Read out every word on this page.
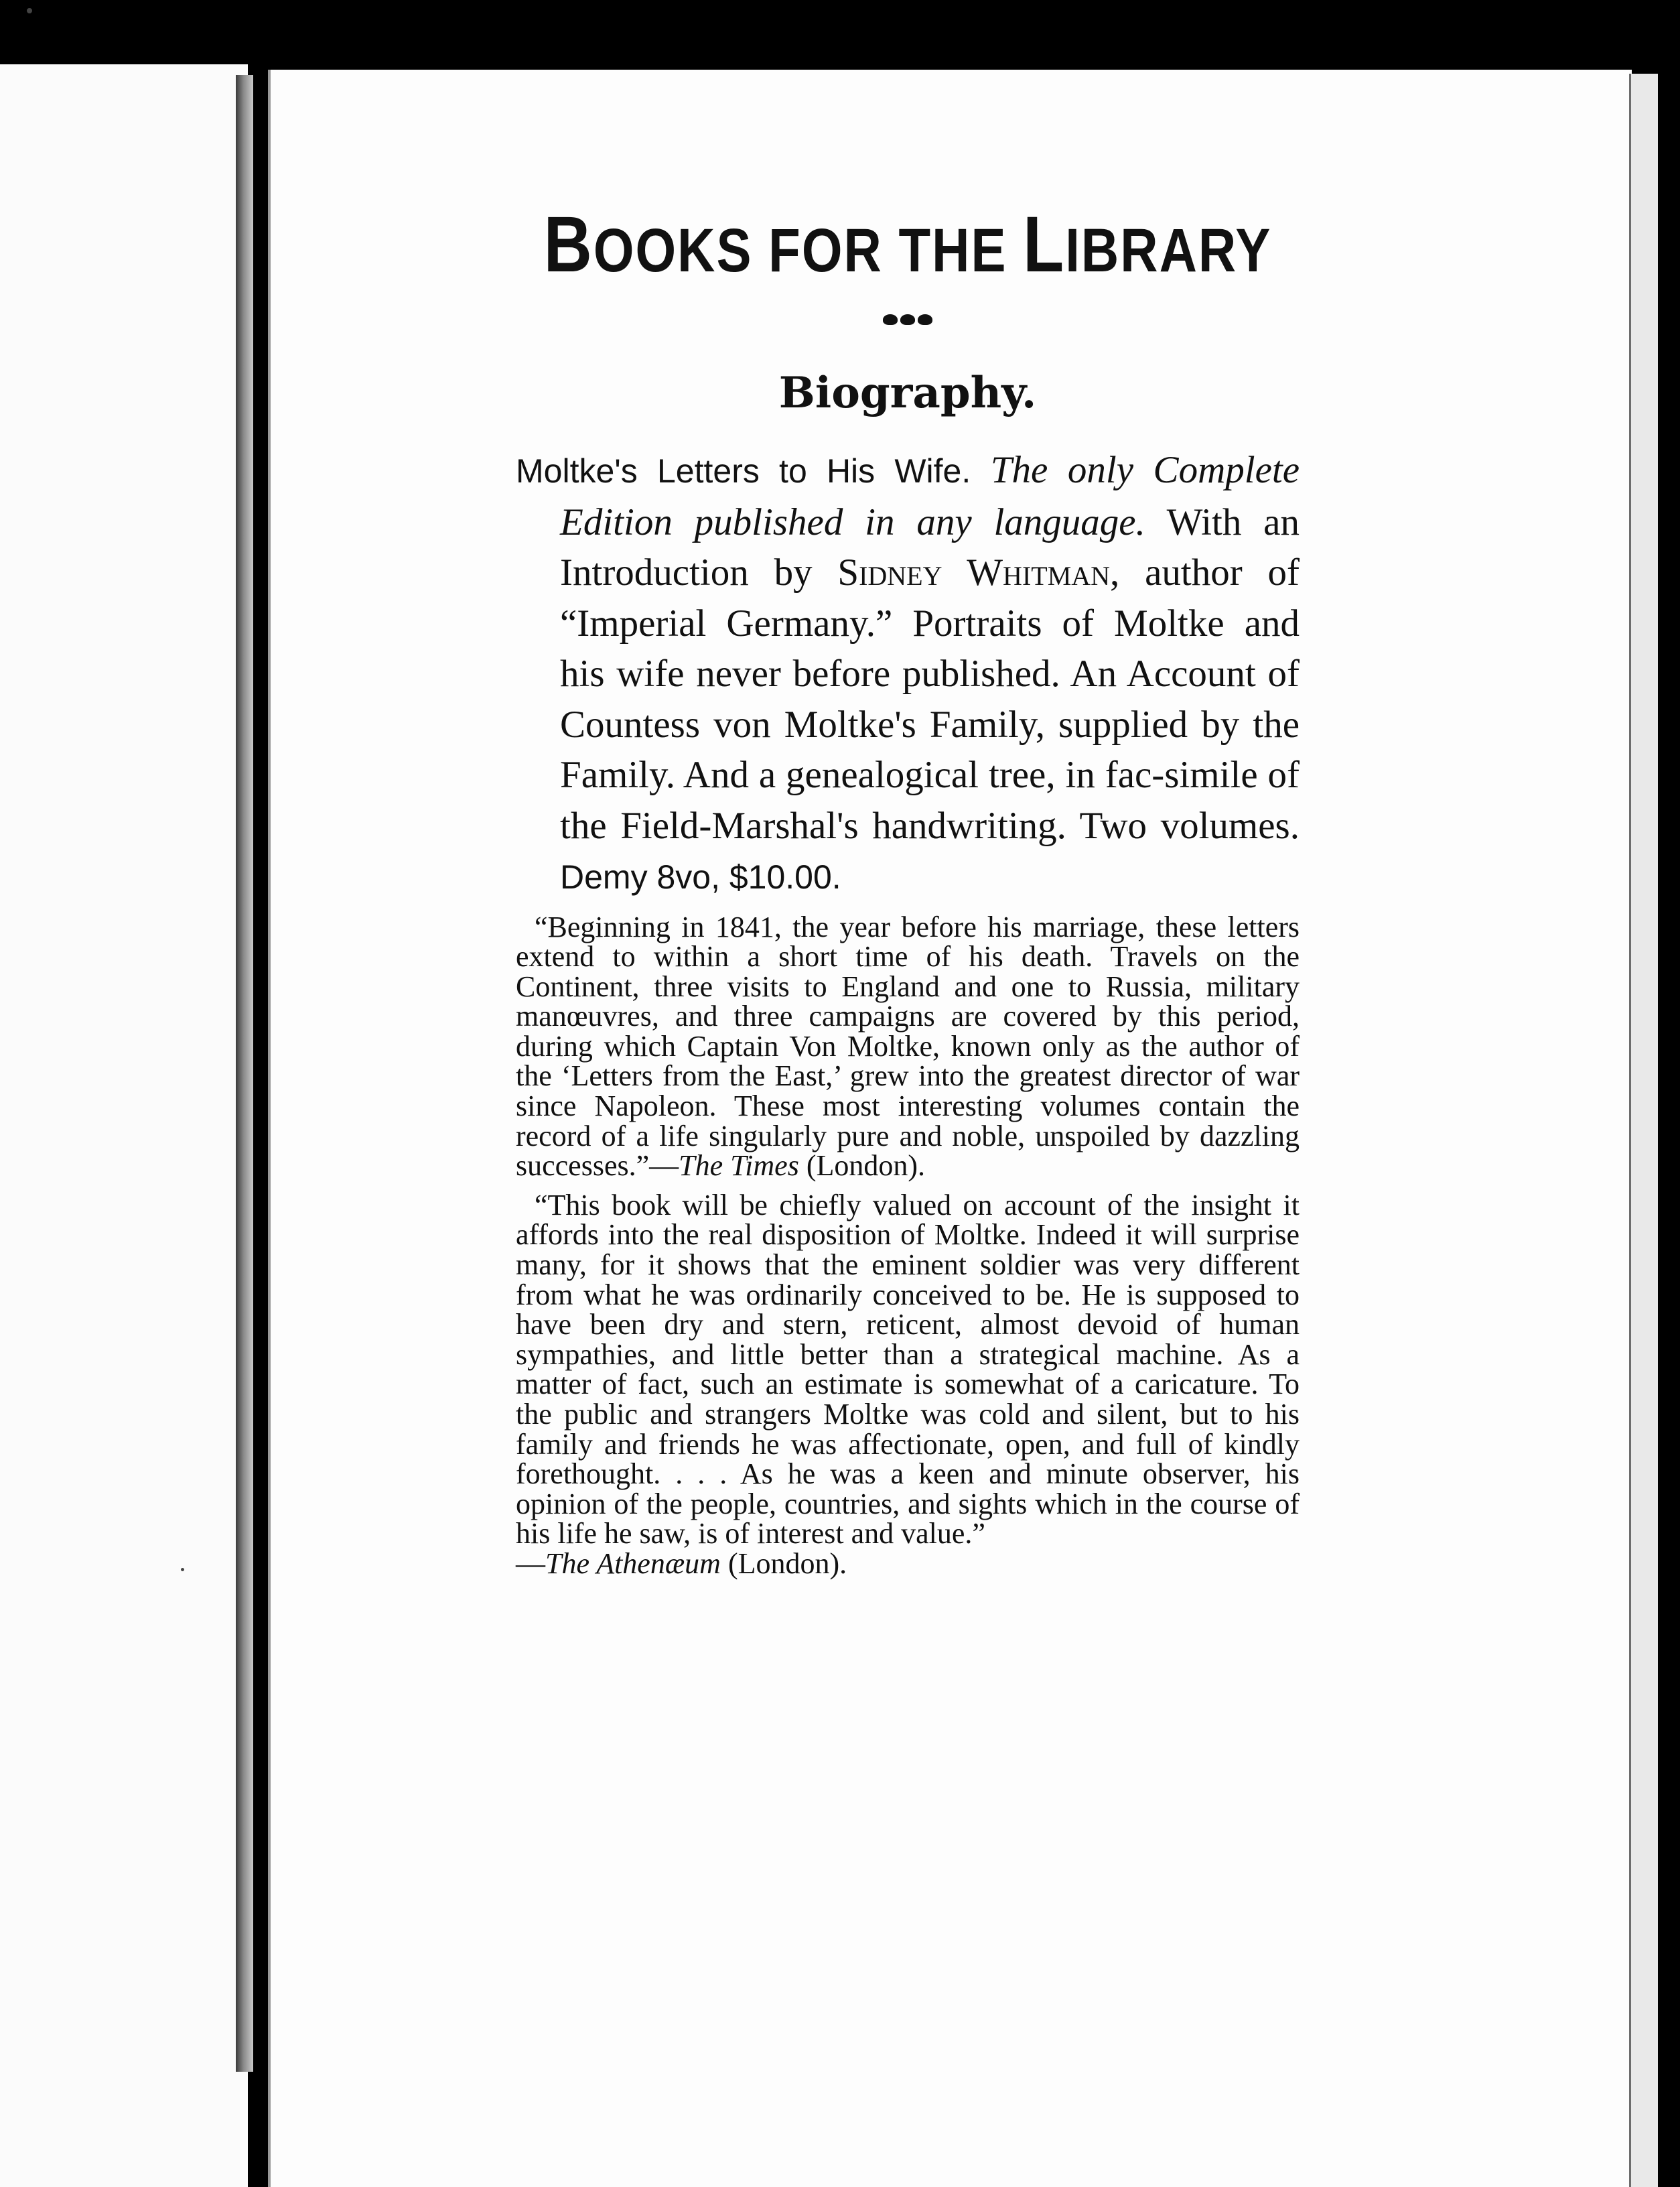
BOOKS FOR THE LIBRARY
Biography.
Moltke's Letters to His Wife. The only Complete Edition published in any language. With an Introduction by Sidney Whitman, author of “Imperial Germany.” Portraits of Moltke and his wife never before published. An Account of Countess von Moltke's Family, supplied by the Family. And a genealogical tree, in fac-simile of the Field-Marshal's handwriting. Two volumes. Demy 8vo, $10.00.

“Beginning in 1841, the year before his marriage, these letters extend to within a short time of his death. Travels on the Continent, three visits to England and one to Russia, military manœuvres, and three campaigns are covered by this period, during which Captain Von Moltke, known only as the author of the ‘Letters from the East,’ grew into the greatest director of war since Napoleon. These most interesting volumes contain the record of a life singularly pure and noble, unspoiled by dazzling successes.”—The Times (London).

“This book will be chiefly valued on account of the insight it affords into the real disposition of Moltke. Indeed it will surprise many, for it shows that the eminent soldier was very different from what he was ordinarily conceived to be. He is supposed to have been dry and stern, reticent, almost devoid of human sympathies, and little better than a strategical machine. As a matter of fact, such an estimate is somewhat of a caricature. To the public and strangers Moltke was cold and silent, but to his family and friends he was affectionate, open, and full of kindly forethought. . . . As he was a keen and minute observer, his opinion of the people, countries, and sights which in the course of his life he saw, is of interest and value.”

—The Athenæum (London).
